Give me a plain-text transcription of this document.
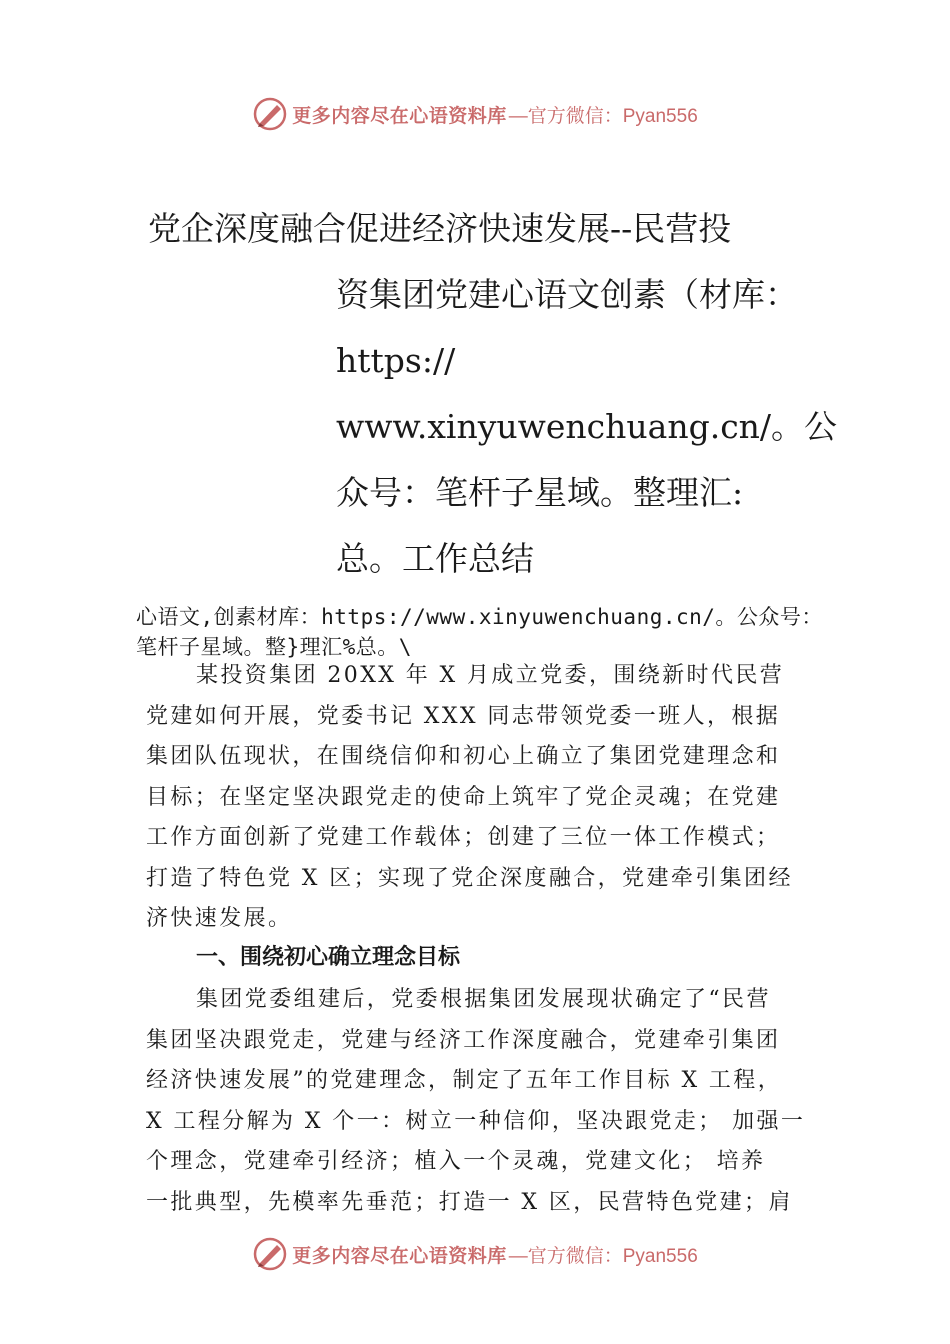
更多内容尽在心语资料库 —官方微信：Pyan556
党企深度融合促进经济快速发展--民营投
资集团党建心语文创素（材库：
https://
www.xinyuwenchuang.cn/。公
众号：笔杆子星域。整理汇:
总。工作总结
心语文,创素材库：https://www.xinyuwenchuang.cn/。公众号：
笔杆子星域。整}理汇%总。\

某投资集团 20XX 年 X 月成立党委，围绕新时代民营
党建如何开展，党委书记 XXX 同志带领党委一班人，根据
集团队伍现状，在围绕信仰和初心上确立了集团党建理念和
目标；在坚定坚决跟党走的使命上筑牢了党企灵魂；在党建
工作方面创新了党建工作载体；创建了三位一体工作模式；
打造了特色党 X 区；实现了党企深度融合，党建牵引集团经
济快速发展。

一、围绕初心确立理念目标

集团党委组建后，党委根据集团发展现状确定了“民营
集团坚决跟党走，党建与经济工作深度融合，党建牵引集团
经济快速发展”的党建理念，制定了五年工作目标 X 工程，
X 工程分解为 X 个一：树立一种信仰，坚决跟党走； 加强一
个理念，党建牵引经济；植入一个灵魂，党建文化； 培养
一批典型，先模率先垂范；打造一 X 区，民营特色党建；肩

更多内容尽在心语资料库 —官方微信：Pyan556
